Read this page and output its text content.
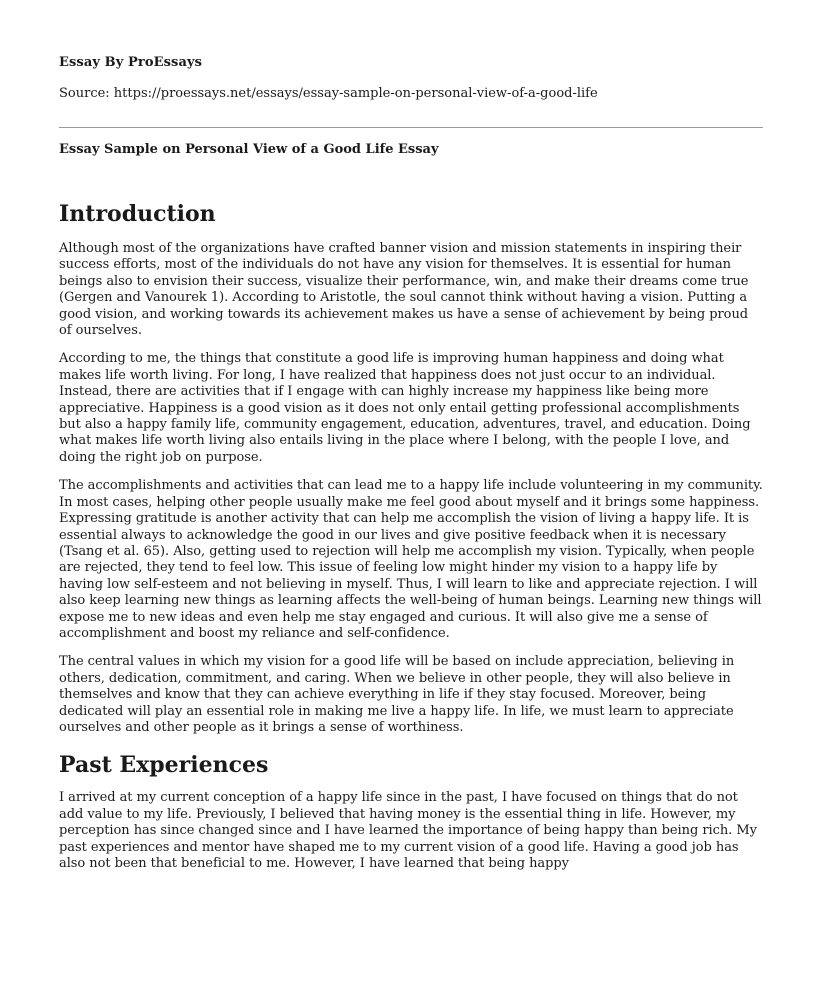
Essay By ProEssays
Source: https://proessays.net/essays/essay-sample-on-personal-view-of-a-good-life
Essay Sample on Personal View of a Good Life Essay
Introduction

Although most of the organizations have crafted banner vision and mission statements in inspiring their success efforts, most of the individuals do not have any vision for themselves. It is essential for human beings also to envision their success, visualize their performance, win, and make their dreams come true (Gergen and Vanourek 1). According to Aristotle, the soul cannot think without having a vision. Putting a good vision, and working towards its achievement makes us have a sense of achievement by being proud of ourselves.

According to me, the things that constitute a good life is improving human happiness and doing what makes life worth living. For long, I have realized that happiness does not just occur to an individual. Instead, there are activities that if I engage with can highly increase my happiness like being more appreciative. Happiness is a good vision as it does not only entail getting professional accomplishments but also a happy family life, community engagement, education, adventures, travel, and education. Doing what makes life worth living also entails living in the place where I belong, with the people I love, and doing the right job on purpose.

The accomplishments and activities that can lead me to a happy life include volunteering in my community. In most cases, helping other people usually make me feel good about myself and it brings some happiness. Expressing gratitude is another activity that can help me accomplish the vision of living a happy life. It is essential always to acknowledge the good in our lives and give positive feedback when it is necessary (Tsang et al. 65). Also, getting used to rejection will help me accomplish my vision. Typically, when people are rejected, they tend to feel low. This issue of feeling low might hinder my vision to a happy life by having low self-esteem and not believing in myself. Thus, I will learn to like and appreciate rejection. I will also keep learning new things as learning affects the well-being of human beings. Learning new things will expose me to new ideas and even help me stay engaged and curious. It will also give me a sense of accomplishment and boost my reliance and self-confidence.

The central values in which my vision for a good life will be based on include appreciation, believing in others, dedication, commitment, and caring. When we believe in other people, they will also believe in themselves and know that they can achieve everything in life if they stay focused. Moreover, being dedicated will play an essential role in making me live a happy life. In life, we must learn to appreciate ourselves and other people as it brings a sense of worthiness.

Past Experiences

I arrived at my current conception of a happy life since in the past, I have focused on things that do not add value to my life. Previously, I believed that having money is the essential thing in life. However, my perception has since changed since and I have learned the importance of being happy than being rich. My past experiences and mentor have shaped me to my current vision of a good life. Having a good job has also not been that beneficial to me. However, I have learned that being happy
